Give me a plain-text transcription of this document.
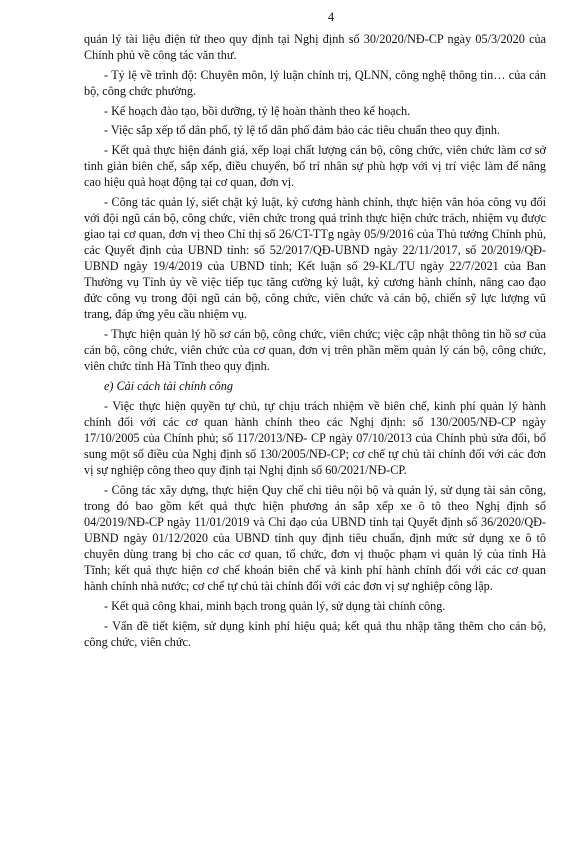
4

quản lý tài liệu điện tử theo quy định tại Nghị định số 30/2020/NĐ-CP ngày 05/3/2020 của Chính phủ về công tác văn thư.

- Tỷ lệ về trình độ: Chuyên môn, lý luận chính trị, QLNN, công nghệ thông tin… của cán bộ, công chức phường.

- Kế hoạch đào tạo, bồi dưỡng, tỷ lệ hoàn thành theo kế hoạch.

- Việc sắp xếp tổ dân phố, tỷ lệ tổ dân phố đảm bảo các tiêu chuẩn theo quy định.

- Kết quả thực hiện đánh giá, xếp loại chất lượng cán bộ, công chức, viên chức làm cơ sở tinh giản biên chế, sắp xếp, điều chuyển, bố trí nhân sự phù hợp với vị trí việc làm để nâng cao hiệu quả hoạt động tại cơ quan, đơn vị.

- Công tác quản lý, siết chặt kỷ luật, kỷ cương hành chính, thực hiện văn hóa công vụ đối với đội ngũ cán bộ, công chức, viên chức trong quá trình thực hiện chức trách, nhiệm vụ được giao tại cơ quan, đơn vị theo Chỉ thị số 26/CT-TTg ngày 05/9/2016 của Thủ tướng Chính phủ, các Quyết định của UBND tỉnh: số 52/2017/QĐ-UBND ngày 22/11/2017, số 20/2019/QĐ-UBND ngày 19/4/2019 của UBND tỉnh; Kết luận số 29-KL/TU ngày 22/7/2021 của Ban Thường vụ Tỉnh ủy về việc tiếp tục tăng cường kỷ luật, kỷ cương hành chính, nâng cao đạo đức công vụ trong đội ngũ cán bộ, công chức, viên chức và cán bộ, chiến sỹ lực lượng vũ trang, đáp ứng yêu cầu nhiệm vụ.

- Thực hiện quản lý hồ sơ cán bộ, công chức, viên chức; việc cập nhật thông tin hồ sơ của cán bộ, công chức, viên chức của cơ quan, đơn vị trên phần mềm quản lý cán bộ, công chức, viên chức tỉnh Hà Tĩnh theo quy định.

e) Cải cách tài chính công

- Việc thực hiện quyền tự chủ, tự chịu trách nhiệm về biên chế, kinh phí quản lý hành chính đối với các cơ quan hành chính theo các Nghị định: số 130/2005/NĐ-CP ngày 17/10/2005 của Chính phủ; số 117/2013/NĐ- CP ngày 07/10/2013 của Chính phủ sửa đổi, bổ sung một số điều của Nghị định số 130/2005/NĐ-CP; cơ chế tự chủ tài chính đối với các đơn vị sự nghiệp công theo quy định tại Nghị định số 60/2021/NĐ-CP.

- Công tác xây dựng, thực hiện Quy chế chi tiêu nội bộ và quản lý, sử dụng tài sản công, trong đó bao gồm kết quả thực hiện phương án sắp xếp xe ô tô theo Nghị định số 04/2019/NĐ-CP ngày 11/01/2019 và Chỉ đạo của UBND tỉnh tại Quyết định số 36/2020/QĐ-UBND ngày 01/12/2020 của UBND tỉnh quy định tiêu chuẩn, định mức sử dụng xe ô tô chuyên dùng trang bị cho các cơ quan, tổ chức, đơn vị thuộc phạm vi quản lý của tỉnh Hà Tĩnh; kết quả thực hiện cơ chế khoán biên chế và kinh phí hành chính đối với các cơ quan hành chính nhà nước; cơ chế tự chủ tài chính đối với các đơn vị sự nghiệp công lập.

- Kết quả công khai, minh bạch trong quản lý, sử dụng tài chính công.

- Vấn đề tiết kiệm, sử dụng kinh phí hiệu quả; kết quả thu nhập tăng thêm cho cán bộ, công chức, viên chức.
